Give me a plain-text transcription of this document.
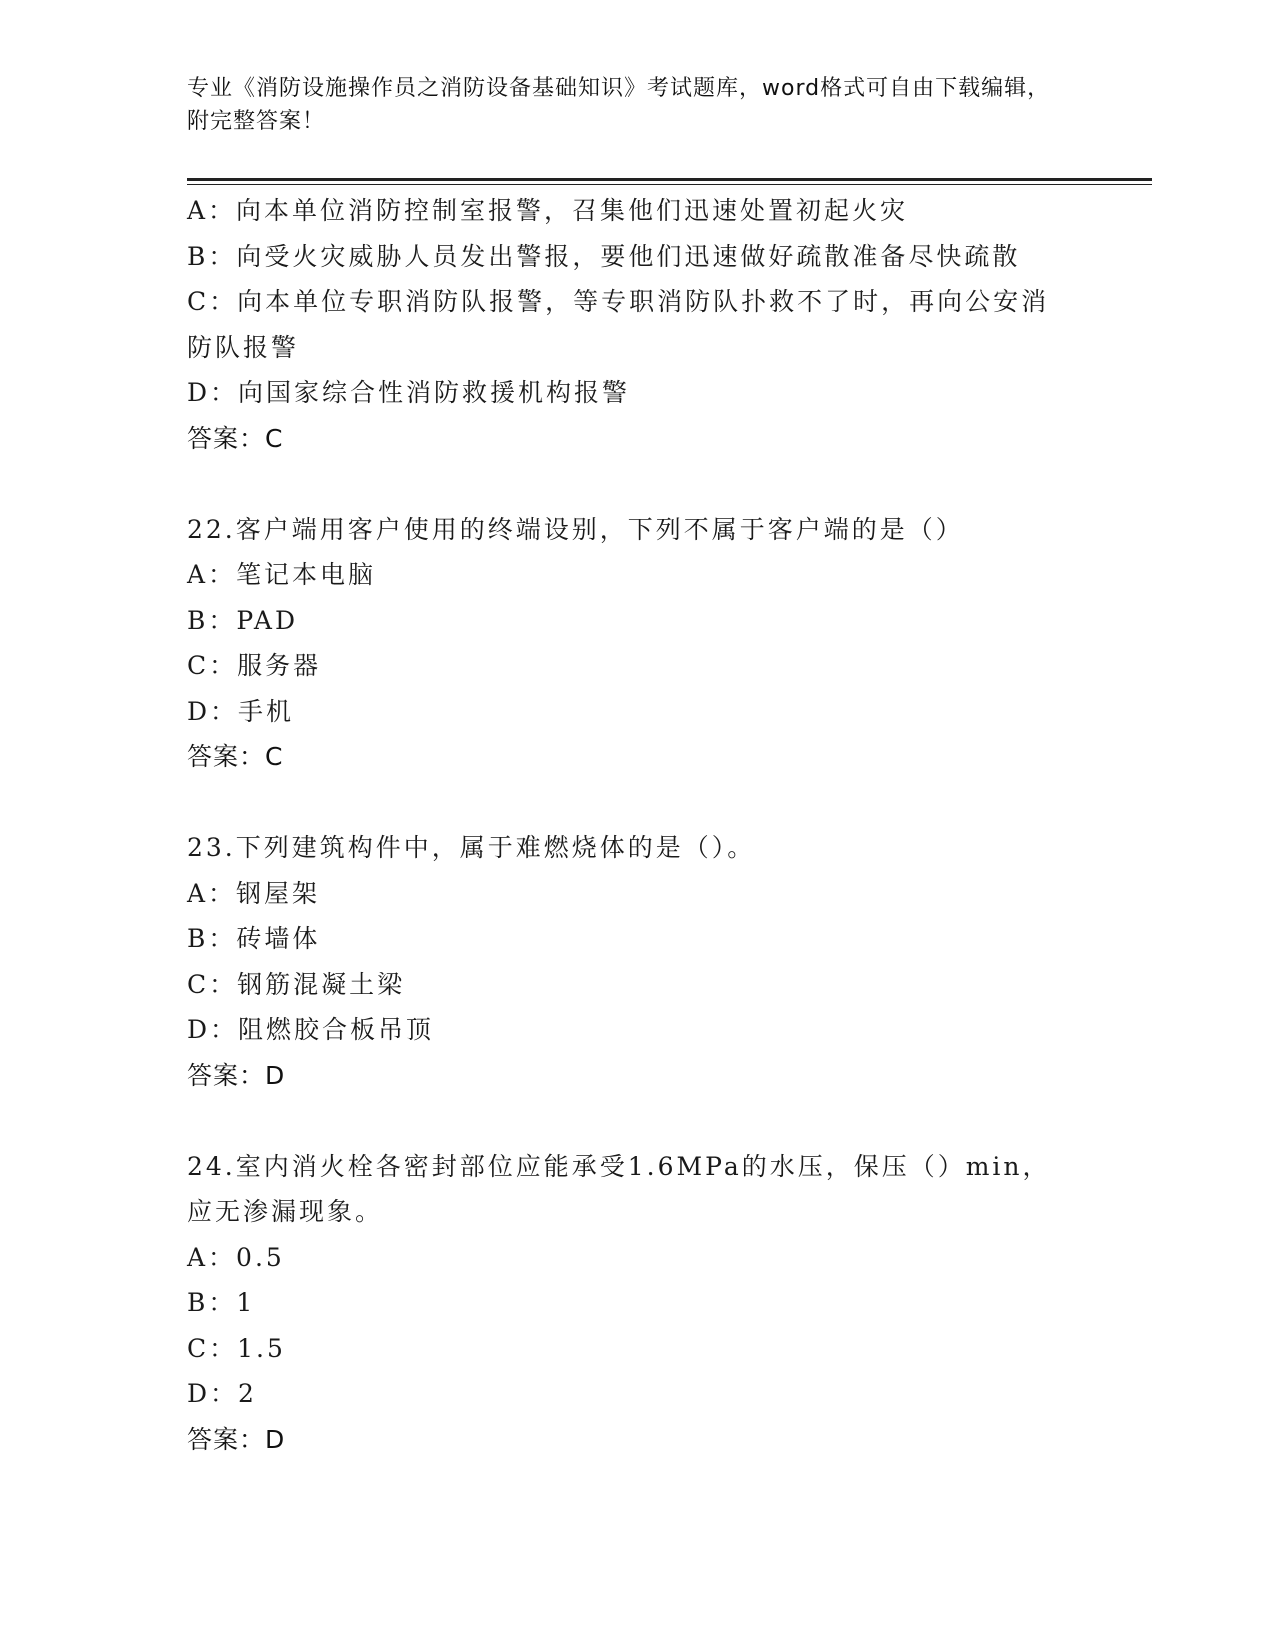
专业《消防设施操作员之消防设备基础知识》考试题库，word格式可自由下载编辑，附完整答案！
A：向本单位消防控制室报警，召集他们迅速处置初起火灾
B：向受火灾威胁人员发出警报，要他们迅速做好疏散准备尽快疏散
C：向本单位专职消防队报警，等专职消防队扑救不了时，再向公安消防队报警
D：向国家综合性消防救援机构报警
答案：C
22.客户端用客户使用的终端设别，下列不属于客户端的是（）
A：笔记本电脑
B：PAD
C：服务器
D：手机
答案：C
23.下列建筑构件中，属于难燃烧体的是（）。
A：钢屋架
B：砖墙体
C：钢筋混凝土梁
D：阻燃胶合板吊顶
答案：D
24.室内消火栓各密封部位应能承受1.6MPa的水压，保压（）min，应无渗漏现象。
A：0.5
B：1
C：1.5
D：2
答案：D
